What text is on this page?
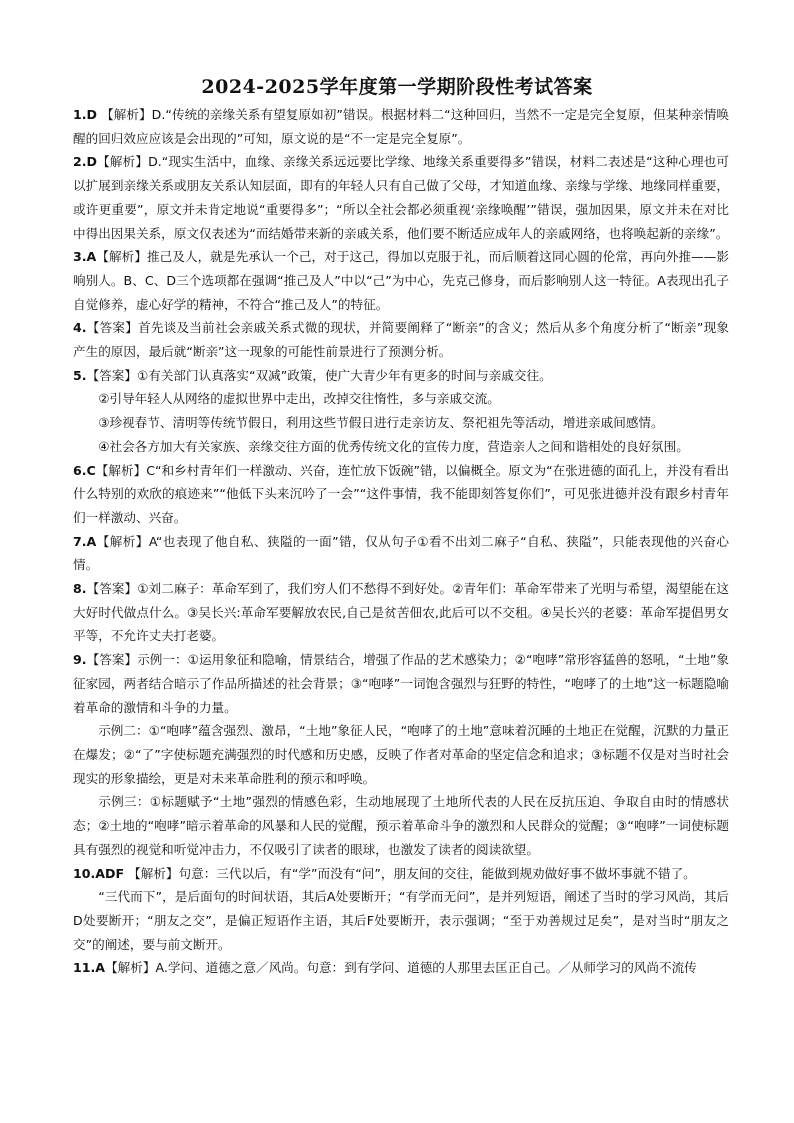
2024-2025学年度第一学期阶段性考试答案

1.D 【解析】D.“传统的亲缘关系有望复原如初”错误。根据材料二“这种回归，当然不一定是完全复原，但某种亲情唤醒的回归效应应该是会出现的”可知，原文说的是“不一定是完全复原”。

2.D【解析】D.“现实生活中，血缘、亲缘关系远远要比学缘、地缘关系重要得多”错误，材料二表述是“这种心理也可以扩展到亲缘关系或朋友关系认知层面，即有的年轻人只有自己做了父母，才知道血缘、亲缘与学缘、地缘同样重要，或许更重要”，原文并未肯定地说“重要得多”；“所以全社会都必须重视‘亲缘唤醒’”错误，强加因果，原文并未在对比中得出因果关系，原文仅表述为“而结婚带来新的亲戚关系，他们要不断适应成年人的亲戚网络，也将唤起新的亲缘”。

3.A【解析】推己及人，就是先承认一个己，对于这己，得加以克服于礼，而后顺着这同心圆的伦常，再向外推——影响别人。B、C、D三个选项都在强调“推己及人”中以“己”为中心，先克己修身，而后影响别人这一特征。A表现出孔子自觉修养，虚心好学的精神，不符合“推己及人”的特征。

4.【答案】首先谈及当前社会亲戚关系式微的现状，并简要阐释了“断亲”的含义；然后从多个角度分析了“断亲”现象产生的原因，最后就“断亲”这一现象的可能性前景进行了预测分析。

5.【答案】①有关部门认真落实“双减”政策，使广大青少年有更多的时间与亲戚交往。

②引导年轻人从网络的虚拟世界中走出，改掉交往惰性，多与亲戚交流。

③珍视春节、清明等传统节假日，利用这些节假日进行走亲访友、祭祀祖先等活动，增进亲戚间感情。

④社会各方加大有关家族、亲缘交往方面的优秀传统文化的宣传力度，营造亲人之间和谐相处的良好氛围。

6.C【解析】C“和乡村青年们一样激动、兴奋，连忙放下饭碗”错，以偏概全。原文为“在张进德的面孔上，并没有看出什么特别的欢欣的痕迹来”“他低下头来沉吟了一会”“这件事情，我不能即刻答复你们”，可见张进德并没有跟乡村青年们一样激动、兴奋。

7.A【解析】A“也表现了他自私、狭隘的一面”错，仅从句子①看不出刘二麻子“自私、狭隘”，只能表现他的兴奋心情。

8.【答案】①刘二麻子：革命军到了，我们穷人们不愁得不到好处。②青年们：革命军带来了光明与希望，渴望能在这大好时代做点什么。③吴长兴:革命军要解放农民,自己是贫苦佃农,此后可以不交租。④吴长兴的老婆：革命军提倡男女平等，不允许丈夫打老婆。

9.【答案】示例一：①运用象征和隐喻，情景结合，增强了作品的艺术感染力；②“咆哮”常形容猛兽的怒吼，“土地”象征家园，两者结合暗示了作品所描述的社会背景；③“咆哮”一词饱含强烈与狂野的特性，“咆哮了的土地”这一标题隐喻着革命的激情和斗争的力量。

示例二：①“咆哮”蕴含强烈、激昂，“土地”象征人民，“咆哮了的土地”意味着沉睡的土地正在觉醒，沉默的力量正在爆发；②“了”字使标题充满强烈的时代感和历史感，反映了作者对革命的坚定信念和追求；③标题不仅是对当时社会现实的形象描绘，更是对未来革命胜利的预示和呼唤。

示例三：①标题赋予“土地”强烈的情感色彩，生动地展现了土地所代表的人民在反抗压迫、争取自由时的情感状态；②土地的“咆哮”暗示着革命的风暴和人民的觉醒，预示着革命斗争的激烈和人民群众的觉醒；③“咆哮”一词使标题具有强烈的视觉和听觉冲击力，不仅吸引了读者的眼球，也激发了读者的阅读欲望。

10.ADF 【解析】句意：三代以后，有“学”而没有“问”，朋友间的交往，能做到规劝做好事不做坏事就不错了。

“三代而下”，是后面句的时间状语，其后A处要断开；“有学而无问”，是并列短语，阐述了当时的学习风尚，其后D处要断开；“朋友之交”，是偏正短语作主语，其后F处要断开，表示强调；“至于劝善规过足矣”，是对当时“朋友之交”的阐述，要与前文断开。

11.A【解析】A.学问、道德之意／风尚。句意：到有学问、道德的人那里去匡正自己。／从师学习的风尚不流传
